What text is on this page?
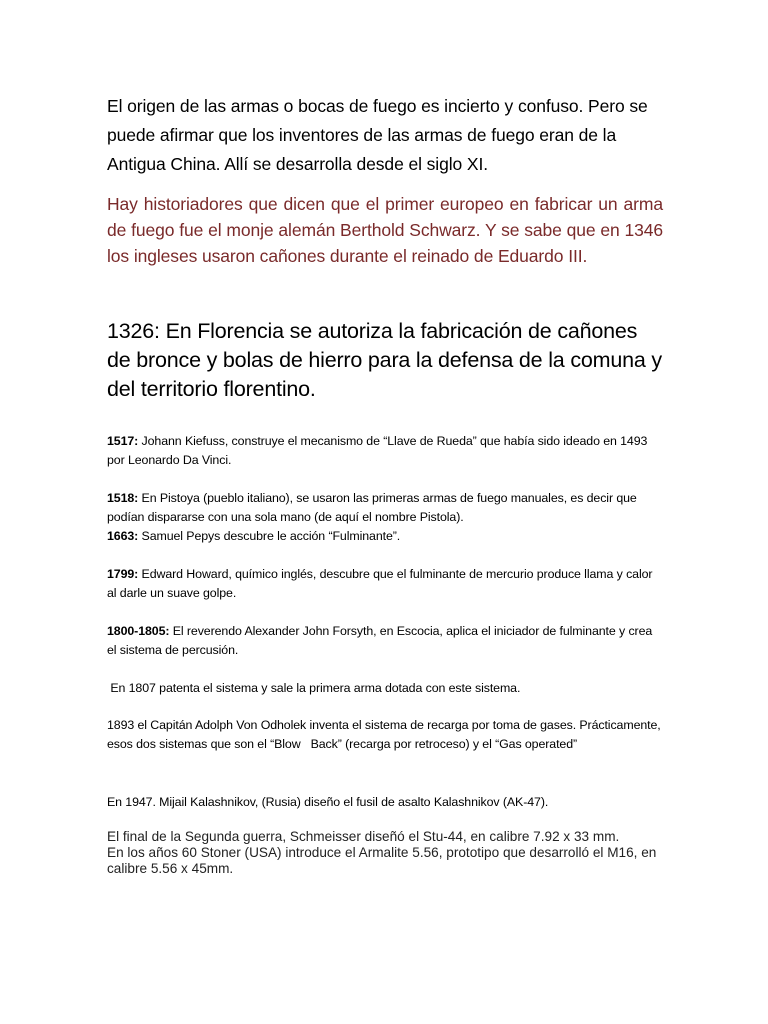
El origen de las armas o bocas de fuego es incierto y confuso. Pero se puede afirmar que los inventores de las armas de fuego eran de la Antigua China. Allí se desarrolla desde el siglo XI.

Hay historiadores que dicen que el primer europeo en fabricar un arma de fuego fue el monje alemán Berthold Schwarz. Y se sabe que en 1346 los ingleses usaron cañones durante el reinado de Eduardo III.

1326: En Florencia se autoriza la fabricación de cañones de bronce y bolas de hierro para la defensa de la comuna y del territorio florentino.

1517: Johann Kiefuss, construye el mecanismo de “Llave de Rueda” que había sido ideado en 1493 por Leonardo Da Vinci.

1518: En Pistoya (pueblo italiano), se usaron las primeras armas de fuego manuales, es decir que podían dispararse con una sola mano (de aquí el nombre Pistola).
1663: Samuel Pepys descubre le acción “Fulminante”.

1799: Edward Howard, químico inglés, descubre que el fulminante de mercurio produce llama y calor al darle un suave golpe.

1800-1805: El reverendo Alexander John Forsyth, en Escocia, aplica el iniciador de fulminante y crea el sistema de percusión.

En 1807 patenta el sistema y sale la primera arma dotada con este sistema.

1893 el Capitán Adolph Von Odholek inventa el sistema de recarga por toma de gases. Prácticamente, esos dos sistemas que son el “Blow   Back” (recarga por retroceso) y el “Gas operated”

En 1947. Mijail Kalashnikov, (Rusia) diseño el fusil de asalto Kalashnikov (AK-47).

El final de la Segunda guerra, Schmeisser diseñó el Stu-44, en calibre 7.92 x 33 mm.
En los años 60 Stoner (USA) introduce el Armalite 5.56, prototipo que desarrolló el M16, en calibre 5.56 x 45mm.
